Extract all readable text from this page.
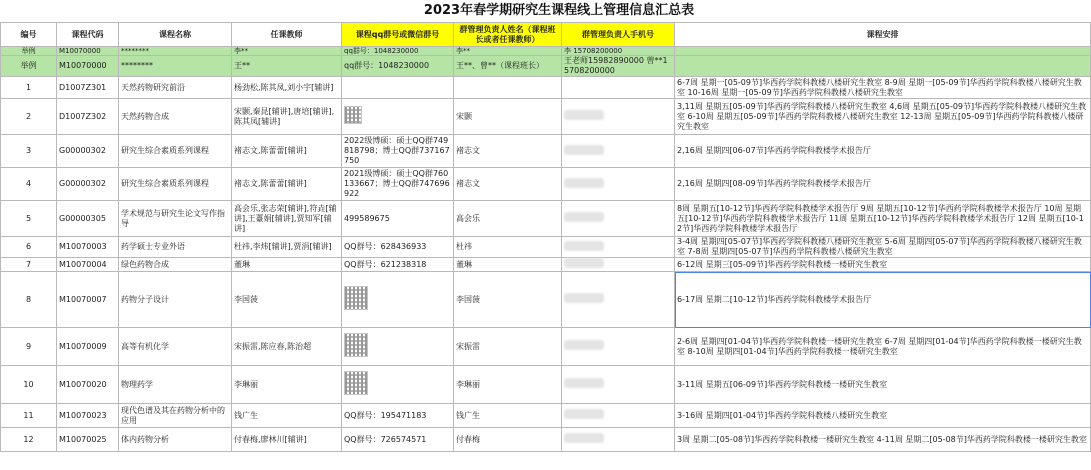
2023年春学期研究生课程线上管理信息汇总表
编号	课程代码	课程名称	任课教师	课程qq群号或微信群号	群管理负责人姓名（课程班长或者任课教师）	群管理负责人手机号	课程安排
举例	M10070000	********	李**	qq群号：1048230000	李**	李 15708200000	
举例	M10070000	********	王**	qq群号：1048230000	王**、曾**（课程班长）	王老师15982890000 曾**15708200000	
1	D1007Z301	天然药物研究前沿	杨劲松,陈其凤,刘小宇[辅讲]				6-7周 星期一[05-09节]华西药学院科教楼八楼研究生教室 8-9周 星期一[05-09节]华西药学院科教楼八楼研究生教室 10-16周 星期一[05-09节]华西药学院科教楼八楼研究生教室
2	D1007Z302	天然药物合成	宋颢,秦昆[辅讲],唐培[辅讲],陈其凤[辅讲]		宋颢		3,11周 星期五[05-09节]华西药学院科教楼八楼研究生教室 4,6周 星期五[05-09节]华西药学院科教楼八楼研究生教室 6-10周 星期五[05-09节]华西药学院科教楼八楼研究生教室 12-13周 星期五[05-09节]华西药学院科教楼八楼研究生教室
3	G00000302	研究生综合素质系列课程	褚志文,陈蕾蕾[辅讲]	2022级博硕：硕士QQ群749818798；博士QQ群737167750	褚志文		2,16周 星期四[06-07节]华西药学院科教楼学术报告厅
4	G00000302	研究生综合素质系列课程	褚志文,陈蕾蕾[辅讲]	2021级博硕：硕士QQ群760133667；博士QQ群747696922	褚志文		2,16周 星期四[08-09节]华西药学院科教楼学术报告厅
5	G00000305	学术规范与研究生论文写作指导	高会乐,张志荣[辅讲],符垚[辅讲],王薹娟[辅讲],贾知军[辅讲]	499589675	高会乐		8周 星期五[10-12节]华西药学院科教楼学术报告厅 9周 星期五[10-12节]华西药学院科教楼学术报告厅 10周 星期五[10-12节]华西药学院科教楼学术报告厅 11周 星期五[10-12节]华西药学院科教楼学术报告厅 12周 星期五[10-12节]华西药学院科教楼学术报告厅
6	M10070003	药学硕士专业外语	杜祎,李炜[辅讲],贾涓[辅讲]	QQ群号：628436933	杜祎		3-4周 星期四[05-07节]华西药学院科教楼八楼研究生教室 5-6周 星期四[05-07节]华西药学院科教楼八楼研究生教室 7-8周 星期四[05-07节]华西药学院科教楼八楼研究生教室
7	M10070004	绿色药物合成	董琳	QQ群号：621238318	董琳		6-12周 星期三[05-09节]华西药学院科教楼一楼研究生教室
8	M10070007	药物分子设计	李国菠		李国菠		6-17周 星期二[10-12节]华西药学院科教楼学术报告厅
9	M10070009	高等有机化学	宋振雷,陈应春,陈治超		宋振雷		2-6周 星期四[01-04节]华西药学院科教楼一楼研究生教室 6-7周 星期四[01-04节]华西药学院科教楼一楼研究生教室 8-10周 星期四[01-04节]华西药学院科教楼一楼研究生教室
10	M10070020	物理药学	李琳丽		李琳丽		3-11周 星期五[06-09节]华西药学院科教楼一楼研究生教室
11	M10070023	现代色谱及其在药物分析中的应用	钱广生	QQ群号：195471183	钱广生		3-16周 星期四[01-04节]华西药学院科教楼八楼研究生教室
12	M10070025	体内药物分析	付春梅,廖林川[辅讲]	QQ群号：726574571	付春梅		3周 星期二[05-08节]华西药学院科教楼一楼研究生教室 4-11周 星期二[05-08节]华西药学院科教楼一楼研究生教室
